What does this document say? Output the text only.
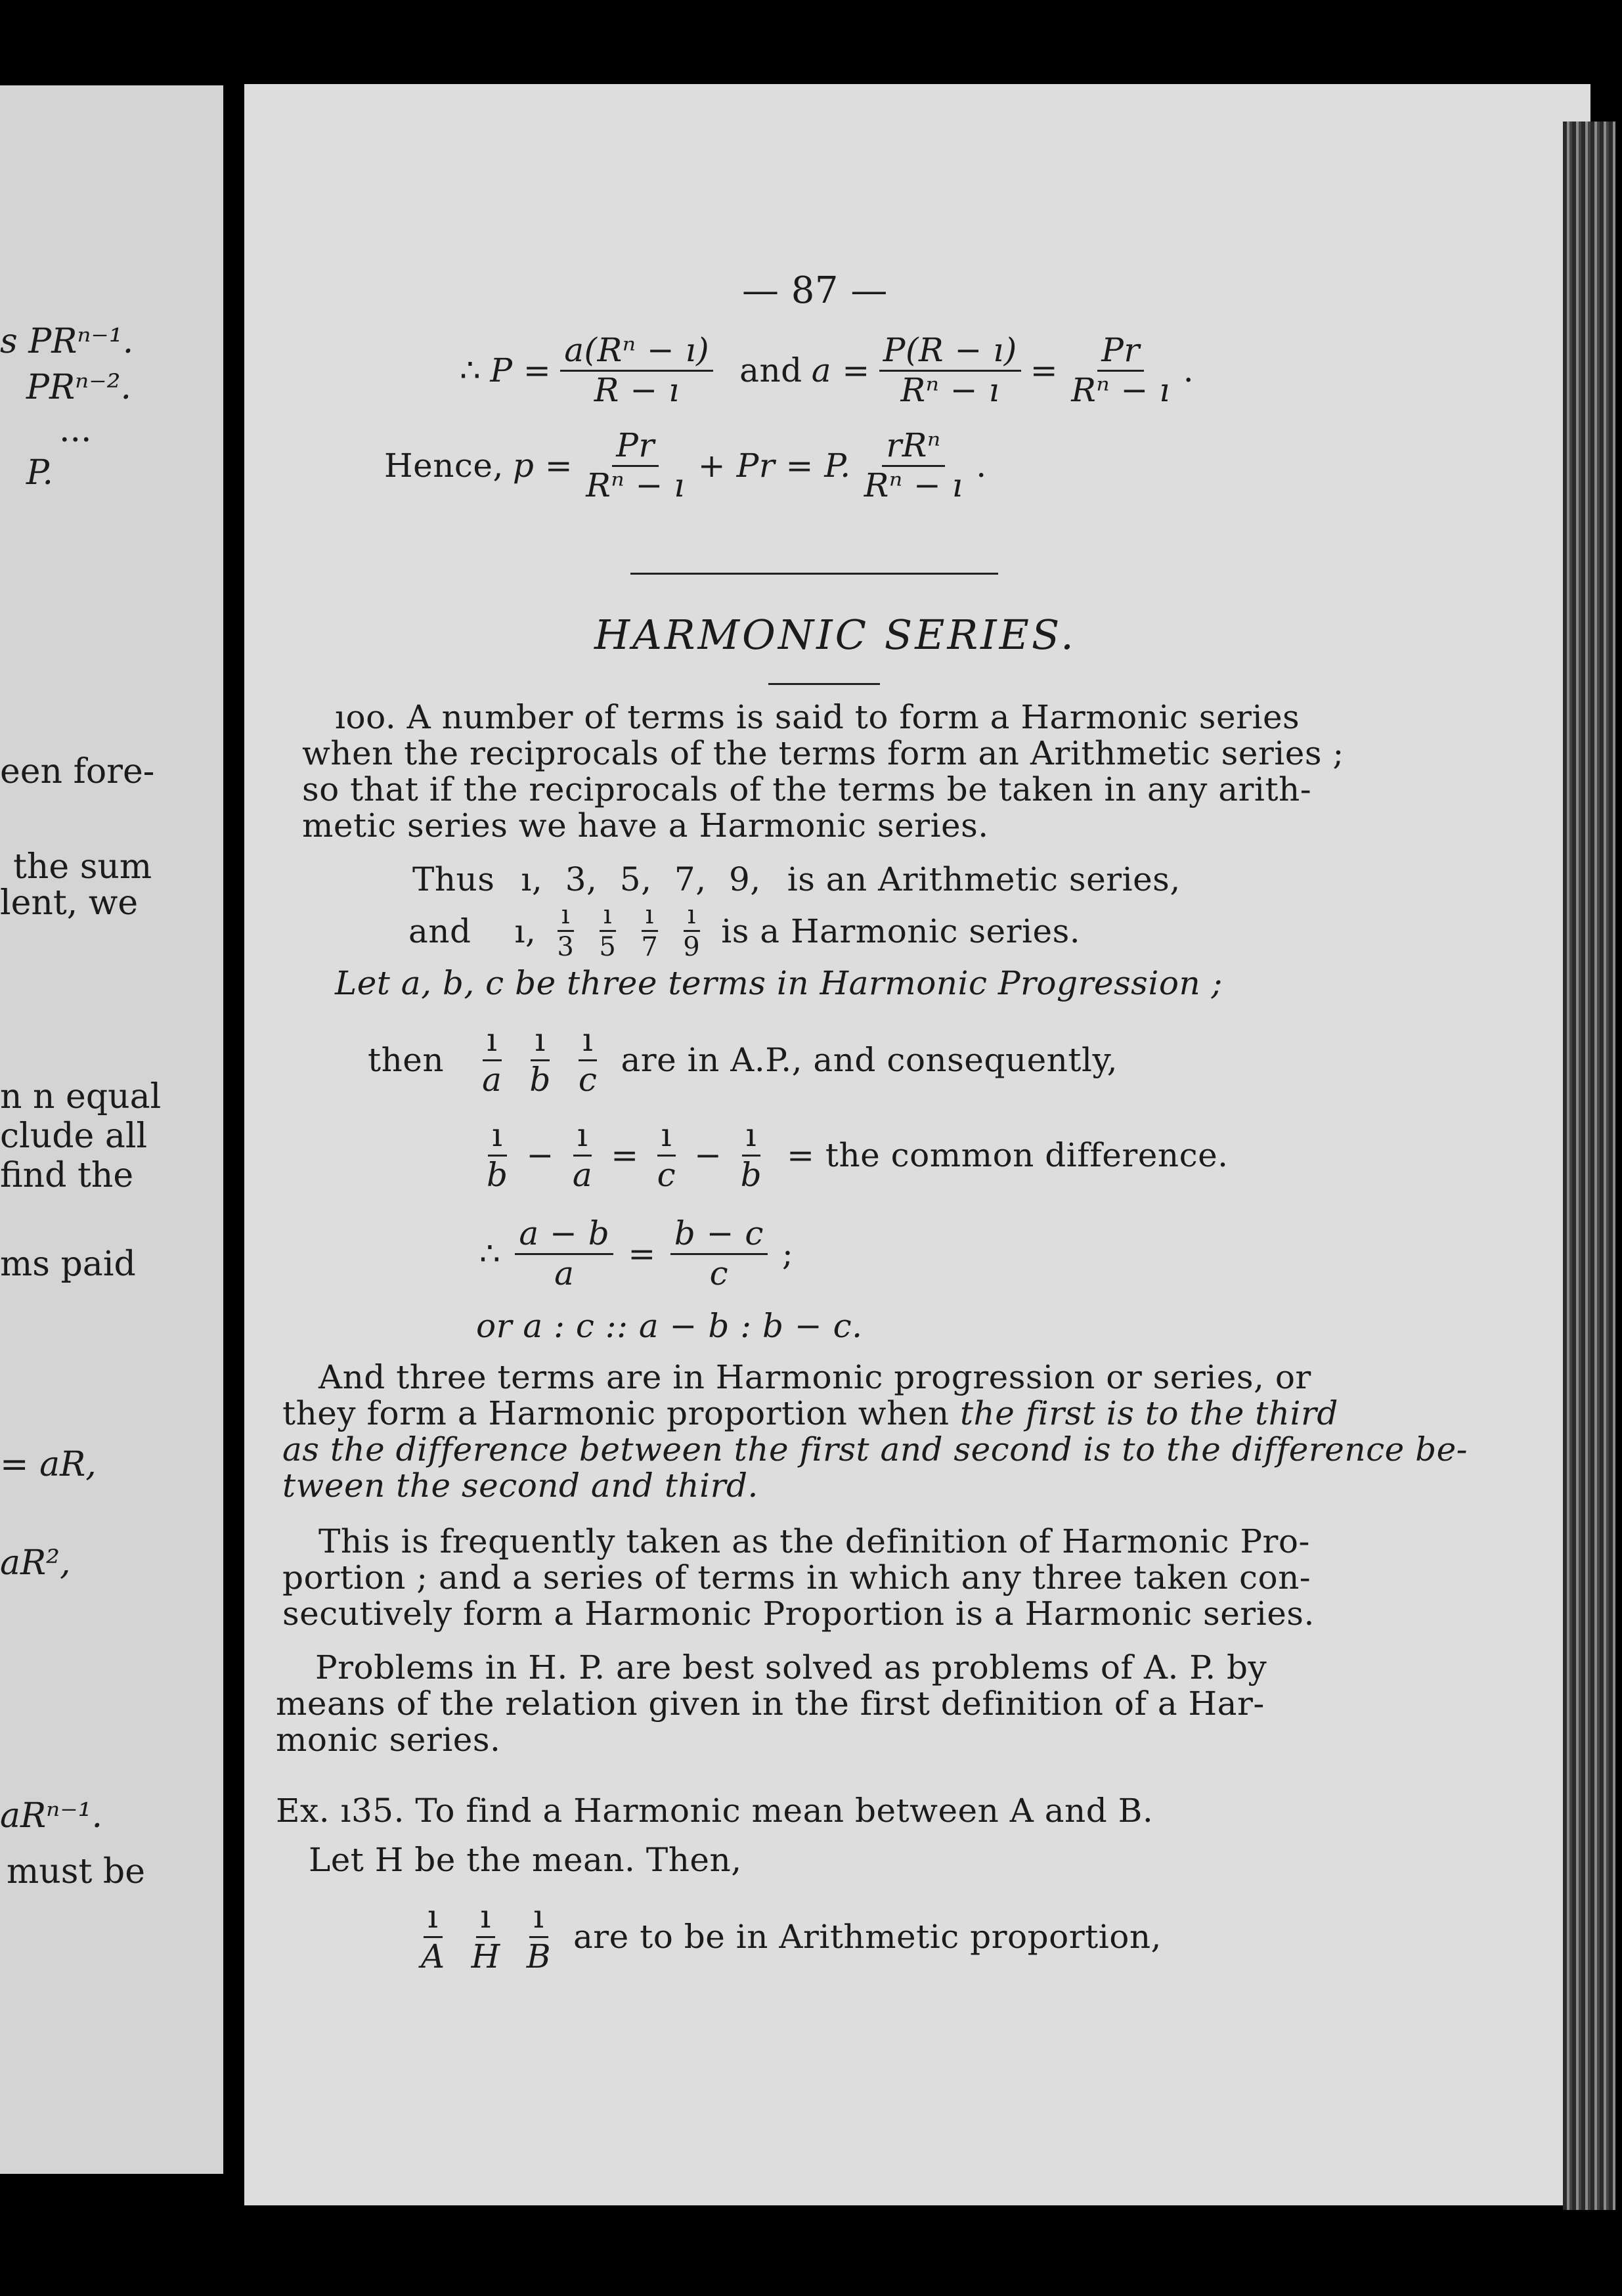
s PRⁿ⁻¹.
PRⁿ⁻².
...
P.
een fore-
the sum
lent, we
n n equal
clude all
find the
ms paid
= aR,
aR²,
aRⁿ⁻¹.
must be
— 87 —
∴ $P = \frac{\text{a(Rⁿ − ı)}}{R - ı}$ and $a = \frac{P(R - ı)}{\text{Rⁿ − ı}} = \frac{Pr}{\text{Rⁿ − ı}}$ .
Hence, $p = \frac{Pr}{\text{Rⁿ − ı}} + Pr = P$. $\frac{\text{rRⁿ}}{\text{Rⁿ − ı}}$ .
HARMONIC SERIES.
ıoo. A number of terms is said to form a Harmonic series
when the reciprocals of the terms form an Arithmetic series ;
so that if the reciprocals of the terms be taken in any arith-
metic series we have a Harmonic series.
Thus ı, 3, 5, 7, 9, is an Arithmetic series,
and ı, $\frac{ı}{3} \frac{ı}{5} \frac{ı}{7} \frac{ı}{9}$ is a Harmonic series.
Let a, b, c be three terms in Harmonic Progression ;
then $\frac{ı}{a} \frac{ı}{b} \frac{ı}{c}$ are in A.P., and consequently,
$\frac{ı}{b} - \frac{ı}{a} = \frac{ı}{c} - \frac{ı}{b}$ = the common difference.
∴ $\frac{a - b}{a} = \frac{b - c}{c}$ ;
or a : c :: a − b : b − c.
And three terms are in Harmonic progression or series, or
they form a Harmonic proportion when the first is to the third
as the difference between the first and second is to the difference be-
tween the second and third.
This is frequently taken as the definition of Harmonic Pro-
portion ; and a series of terms in which any three taken con-
secutively form a Harmonic Proportion is a Harmonic series.
Problems in H. P. are best solved as problems of A. P. by
means of the relation given in the first definition of a Har-
monic series.
Ex. ı35. To find a Harmonic mean between A and B.
Let H be the mean. Then,
$\frac{ı}{A} \frac{ı}{H} \frac{ı}{B}$ are to be in Arithmetic proportion,
